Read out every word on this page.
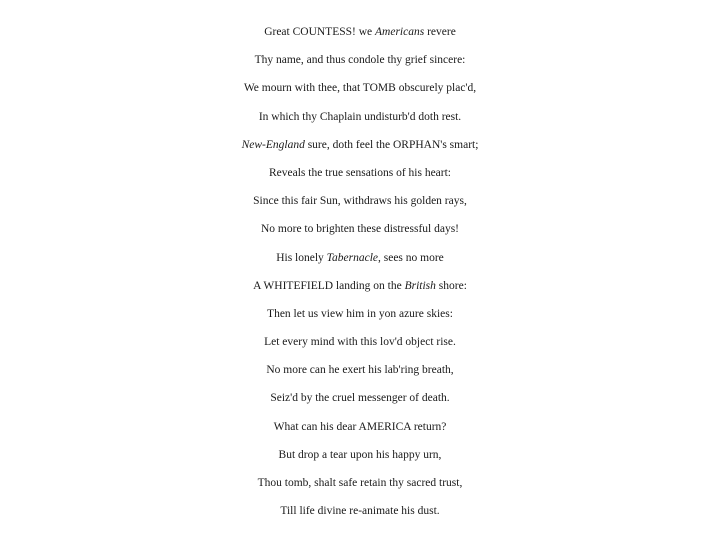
Great COUNTESS! we Americans revere
Thy name, and thus condole thy grief sincere:
We mourn with thee, that TOMB obscurely plac'd,
In which thy Chaplain undisturb'd doth rest.
New-England sure, doth feel the ORPHAN's smart;
Reveals the true sensations of his heart:
Since this fair Sun, withdraws his golden rays,
No more to brighten these distressful days!
His lonely Tabernacle, sees no more
A WHITEFIELD landing on the British shore:
Then let us view him in yon azure skies:
Let every mind with this lov'd object rise.
No more can he exert his lab'ring breath,
Seiz'd by the cruel messenger of death.
What can his dear AMERICA return?
But drop a tear upon his happy urn,
Thou tomb, shalt safe retain thy sacred trust,
Till life divine re-animate his dust.
